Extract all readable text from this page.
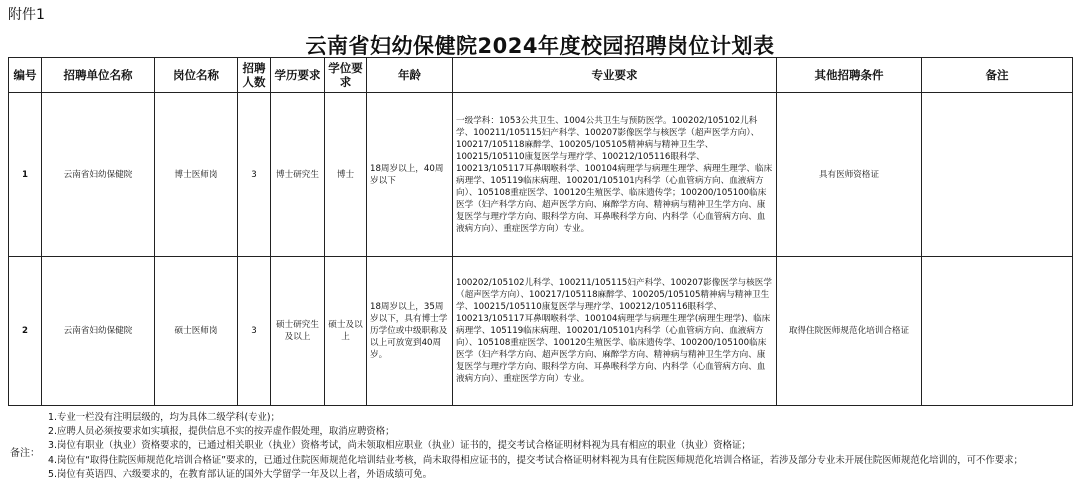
附件1
云南省妇幼保健院2024年度校园招聘岗位计划表
编号	招聘单位名称	岗位名称	招聘人数	学历要求	学位要求	年龄	专业要求	其他招聘条件	备注
1	云南省妇幼保健院	博士医师岗	3	博士研究生	博士	18周岁以上，40周岁以下	一级学科：1053公共卫生、1004公共卫生与预防医学。100202/105102儿科学、100211/105115妇产科学、100207影像医学与核医学（超声医学方向）、100217/105118麻醉学、100205/105105精神病与精神卫生学、100215/105110康复医学与理疗学、100212/105116眼科学、100213/105117耳鼻咽喉科学、100104病理学与病理生理学、病理生理学、临床病理学、105119临床病理、100201/105101内科学（心血管病方向、血液病方向）、105108重症医学、100120生殖医学、临床遗传学；100200/105100临床医学（妇产科学方向、超声医学方向、麻醉学方向、精神病与精神卫生学方向、康复医学与理疗学方向、眼科学方向、耳鼻喉科学方向、内科学（心血管病方向、血液病方向）、重症医学方向）专业。	具有医师资格证	
2	云南省妇幼保健院	硕士医师岗	3	硕士研究生及以上	硕士及以上	18周岁以上，35周岁以下，具有博士学历学位或中级职称及以上可放宽到40周岁。	100202/105102儿科学、100211/105115妇产科学、100207影像医学与核医学（超声医学方向）、100217/105118麻醉学、100205/105105精神病与精神卫生学、100215/105110康复医学与理疗学、100212/105116眼科学、100213/105117耳鼻咽喉科学、100104病理学与病理生理学(病理生理学)、临床病理学、105119临床病理、100201/105101内科学（心血管病方向、血液病方向）、105108重症医学、100120生殖医学、临床遗传学、100200/105100临床医学（妇产科学方向、超声医学方向、麻醉学方向、精神病与精神卫生学方向、康复医学与理疗学方向、眼科学方向、耳鼻喉科学方向、内科学（心血管病方向、血液病方向）、重症医学方向）专业。	取得住院医师规范化培训合格证	
备注：
1.专业一栏没有注明层级的，均为具体二级学科(专业)；
2.应聘人员必须按要求如实填报，提供信息不实的按弄虚作假处理，取消应聘资格；
3.岗位有职业（执业）资格要求的，已通过相关职业（执业）资格考试，尚未领取相应职业（执业）证书的，提交考试合格证明材料视为具有相应的职业（执业）资格证；
4.岗位有“取得住院医师规范化培训合格证”要求的，已通过住院医师规范化培训结业考核，尚未取得相应证书的，提交考试合格证明材料视为具有住院医师规范化培训合格证，若涉及部分专业未开展住院医师规范化培训的，可不作要求；
5.岗位有英语四、六级要求的，在教育部认证的国外大学留学一年及以上者，外语成绩可免。
